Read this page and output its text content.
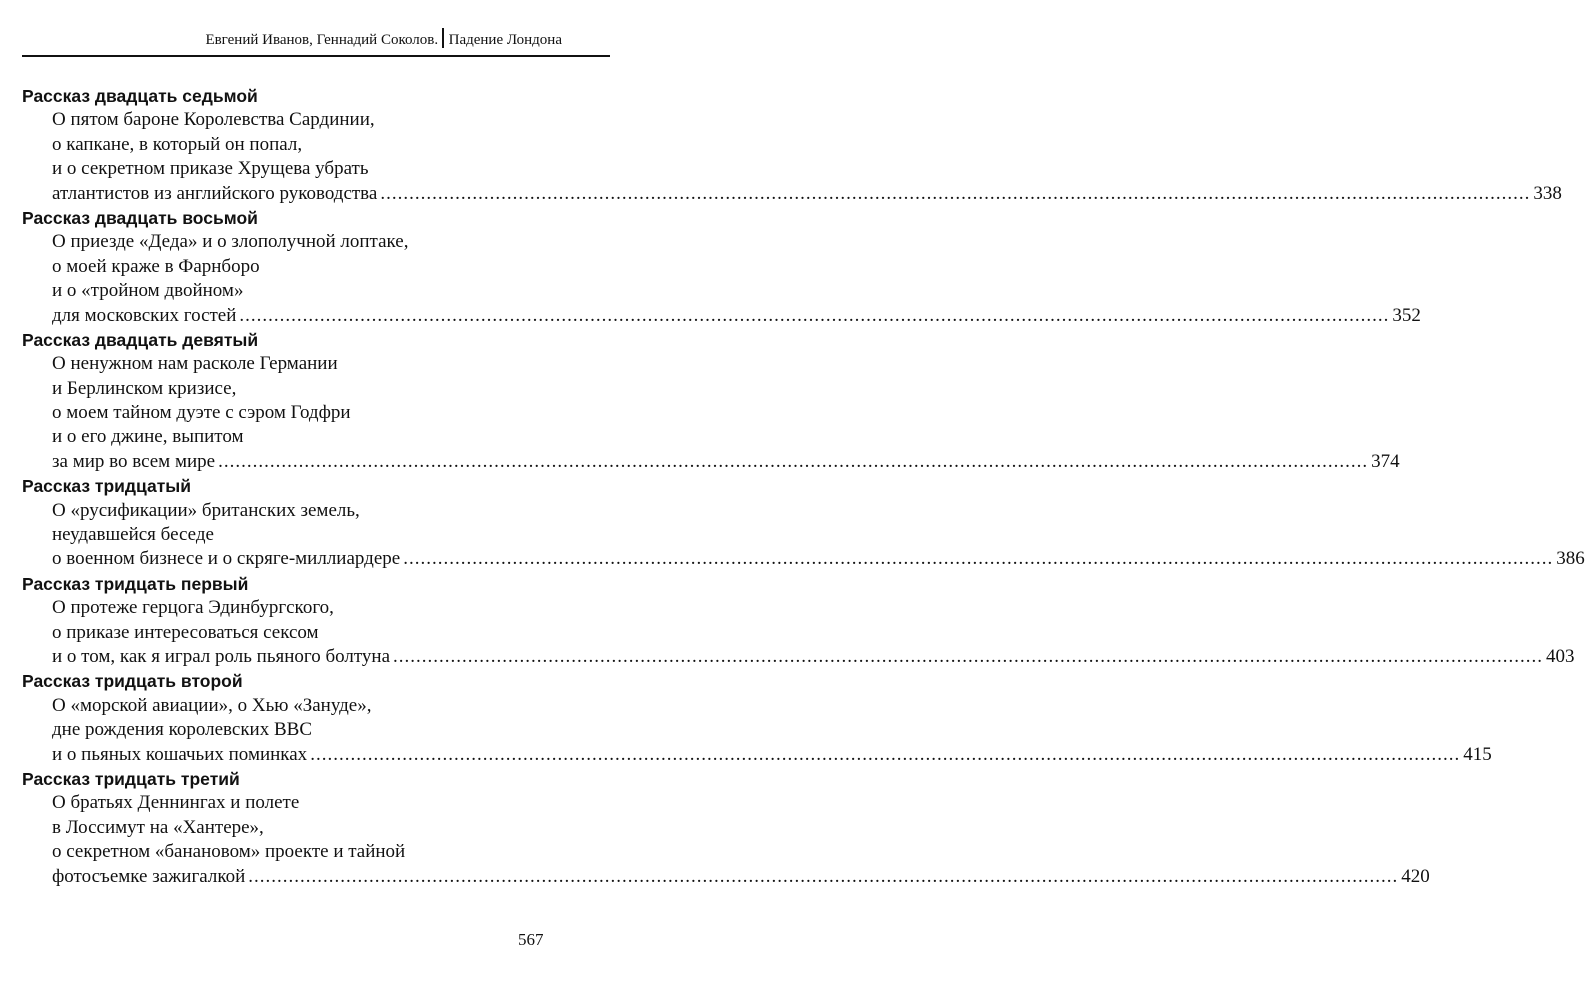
Евгений Иванов, Геннадий Соколов. Падение Лондона
Рассказ двадцать седьмой
О пятом бароне Королевства Сардинии,
о капкане, в который он попал,
и о секретном приказе Хрущева убрать
атлантистов из английского руководства ........................................................................................................................................................................................................ 338
Рассказ двадцать восьмой
О приезде «Деда» и о злополучной лоптаке,
о моей краже в Фарнборо
и о «тройном двойном»
для московских гостей ........................................................................................................................................................................................................ 352
Рассказ двадцать девятый
О ненужном нам расколе Германии
и Берлинском кризисе,
о моем тайном дуэте с сэром Годфри
и о его джине, выпитом
за мир во всем мире ........................................................................................................................................................................................................ 374
Рассказ тридцатый
О «русификации» британских земель,
неудавшейся беседе
о военном бизнесе и о скряге-миллиардере ........................................................................................................................................................................................................ 386
Рассказ тридцать первый
О протеже герцога Эдинбургского,
о приказе интересоваться сексом
и о том, как я играл роль пьяного болтуна ........................................................................................................................................................................................................ 403
Рассказ тридцать второй
О «морской авиации», о Хью «Зануде»,
дне рождения королевских ВВС
и о пьяных кошачьих поминках ........................................................................................................................................................................................................ 415
Рассказ тридцать третий
О братьях Деннингах и полете
в Лоссимут на «Хантере»,
о секретном «банановом» проекте и тайной
фотосъемке зажигалкой ........................................................................................................................................................................................................ 420
567
